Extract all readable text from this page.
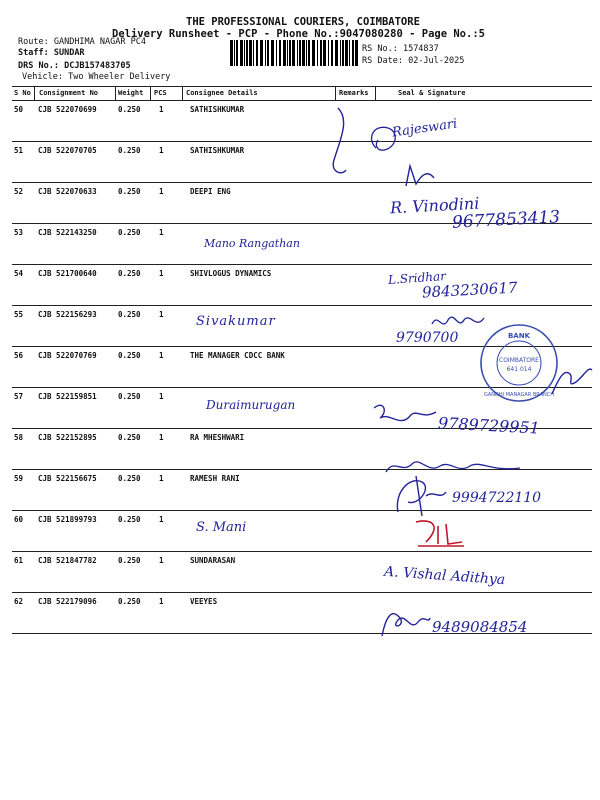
THE PROFESSIONAL COURIERS, COIMBATORE
Delivery Runsheet - PCP - Phone No.:9047080280 - Page No.:5
Route: GANDHIMA NAGAR PC4
Staff: SUNDAR
DRS No.: DCJB157483705
Vehicle: Two Wheeler Delivery
RS No.: 1574837
RS Date: 02-Jul-2025
S No Consignment No	Weight PCS	Consignee Details	Remarks	Seal & Signature
50 CJB 522070699	0.250 1	SATHISHKUMAR
51 CJB 522070705	0.250 1	SATHISHKUMAR
52 CJB 522070633	0.250 1	DEEPI ENG
53 CJB 522143250	0.250 1
54 CJB 521700640	0.250 1	SHIVLOGUS DYNAMICS
55 CJB 522156293	0.250 1
56 CJB 522070769	0.250 1	THE MANAGER CDCC BANK
57 CJB 522159851	0.250 1
58 CJB 522152895	0.250 1	RA MHESHWARI
59 CJB 522156675	0.250 1	RAMESH RANI
60 CJB 521899793	0.250 1
61 CJB 521847782	0.250 1	SUNDARASAN
62 CJB 522179096	0.250 1	VEEYES
Rajeswari
R. Vinodini
9677853413
Mano Rangathan
L.Sridhar
9843230617
Sivakumar
9790700	BANK
COIMBATORE
641 014
GANDHI MANAGAR BRANCH
Duraimurugan
9789729951
9994722110
S. Mani
A. Vishal Adithya
9489084854
